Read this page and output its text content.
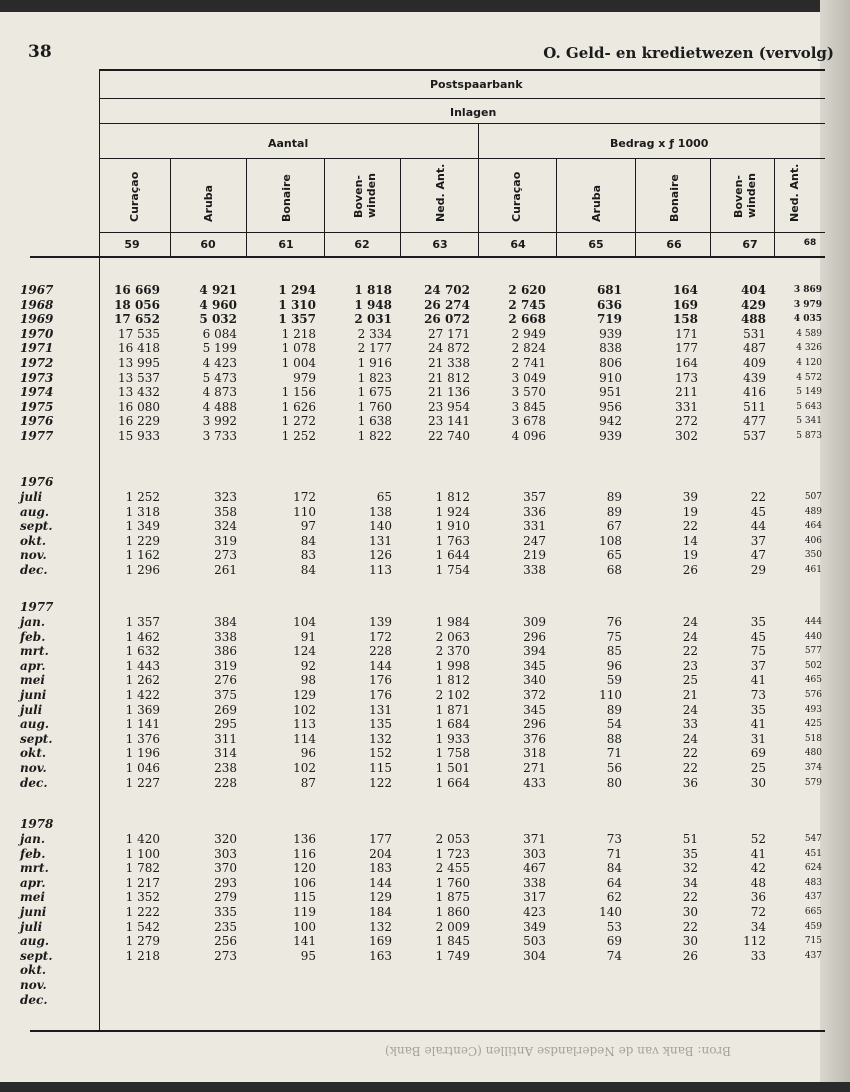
38	O. Geld- en kredietwezen (vervolg)
Postspaarbank
Inlagen
Aantal	Bedrag x ƒ 1000
Curaçao	Aruba	Bonaire	Boven- winden	Ned. Ant.	Curaçao	Aruba	Bonaire	Boven- winden	Ned. Ant.
59	60	61	62	63	64	65	66	67	68
1967	16 669	4 921	1 294	1 818	24 702	2 620	681	164	404	3 869
1968	18 056	4 960	1 310	1 948	26 274	2 745	636	169	429	3 979
1969	17 652	5 032	1 357	2 031	26 072	2 668	719	158	488	4 035
1970	17 535	6 084	1 218	2 334	27 171	2 949	939	171	531	4 589
1971	16 418	5 199	1 078	2 177	24 872	2 824	838	177	487	4 326
1972	13 995	4 423	1 004	1 916	21 338	2 741	806	164	409	4 120
1973	13 537	5 473	979	1 823	21 812	3 049	910	173	439	4 572
1974	13 432	4 873	1 156	1 675	21 136	3 570	951	211	416	5 149
1975	16 080	4 488	1 626	1 760	23 954	3 845	956	331	511	5 643
1976	16 229	3 992	1 272	1 638	23 141	3 678	942	272	477	5 341
1977	15 933	3 733	1 252	1 822	22 740	4 096	939	302	537	5 873
1976
juli	1 252	323	172	65	1 812	357	89	39	22	507
aug.	1 318	358	110	138	1 924	336	89	19	45	489
sept.	1 349	324	97	140	1 910	331	67	22	44	464
okt.	1 229	319	84	131	1 763	247	108	14	37	406
nov.	1 162	273	83	126	1 644	219	65	19	47	350
dec.	1 296	261	84	113	1 754	338	68	26	29	461
1977
jan.	1 357	384	104	139	1 984	309	76	24	35	444
feb.	1 462	338	91	172	2 063	296	75	24	45	440
mrt.	1 632	386	124	228	2 370	394	85	22	75	577
apr.	1 443	319	92	144	1 998	345	96	23	37	502
mei	1 262	276	98	176	1 812	340	59	25	41	465
juni	1 422	375	129	176	2 102	372	110	21	73	576
juli	1 369	269	102	131	1 871	345	89	24	35	493
aug.	1 141	295	113	135	1 684	296	54	33	41	425
sept.	1 376	311	114	132	1 933	376	88	24	31	518
okt.	1 196	314	96	152	1 758	318	71	22	69	480
nov.	1 046	238	102	115	1 501	271	56	22	25	374
dec.	1 227	228	87	122	1 664	433	80	36	30	579
1978
jan.	1 420	320	136	177	2 053	371	73	51	52	547
feb.	1 100	303	116	204	1 723	303	71	35	41	451
mrt.	1 782	370	120	183	2 455	467	84	32	42	624
apr.	1 217	293	106	144	1 760	338	64	34	48	483
mei	1 352	279	115	129	1 875	317	62	22	36	437
juni	1 222	335	119	184	1 860	423	140	30	72	665
juli	1 542	235	100	132	2 009	349	53	22	34	459
aug.	1 279	256	141	169	1 845	503	69	30	112	715
sept.	1 218	273	95	163	1 749	304	74	26	33	437
okt.
nov.
dec.
Bron: Bank van de Nederlandse Antillen (Centrale Bank)
